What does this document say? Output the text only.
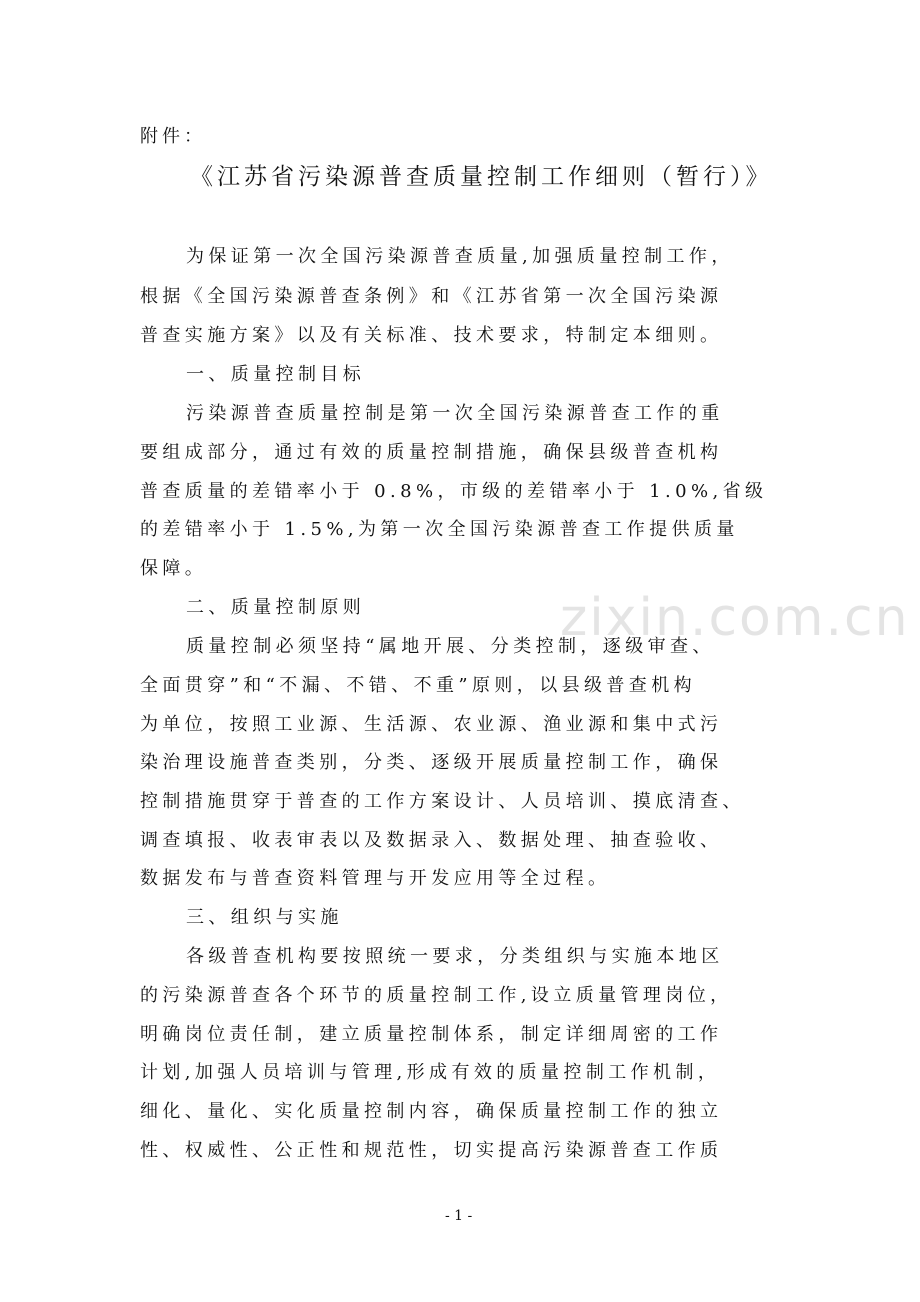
zixin.com.cn
附件：
《江苏省污染源普查质量控制工作细则（暂行）》
为保证第一次全国污染源普查质量,加强质量控制工作，
根据《全国污染源普查条例》和《江苏省第一次全国污染源
普查实施方案》以及有关标准、技术要求，特制定本细则。
一、质量控制目标
污染源普查质量控制是第一次全国污染源普查工作的重
要组成部分，通过有效的质量控制措施，确保县级普查机构
普查质量的差错率小于 0.8%，市级的差错率小于 1.0%,省级
的差错率小于 1.5%,为第一次全国污染源普查工作提供质量
保障。
二、质量控制原则
质量控制必须坚持“属地开展、分类控制，逐级审查、
全面贯穿”和“不漏、不错、不重”原则，以县级普查机构
为单位，按照工业源、生活源、农业源、渔业源和集中式污
染治理设施普查类别，分类、逐级开展质量控制工作，确保
控制措施贯穿于普查的工作方案设计、人员培训、摸底清查、
调查填报、收表审表以及数据录入、数据处理、抽查验收、
数据发布与普查资料管理与开发应用等全过程。
三、组织与实施
各级普查机构要按照统一要求，分类组织与实施本地区
的污染源普查各个环节的质量控制工作,设立质量管理岗位，
明确岗位责任制，建立质量控制体系，制定详细周密的工作
计划,加强人员培训与管理,形成有效的质量控制工作机制，
细化、量化、实化质量控制内容，确保质量控制工作的独立
性、权威性、公正性和规范性，切实提高污染源普查工作质
- 1 -
